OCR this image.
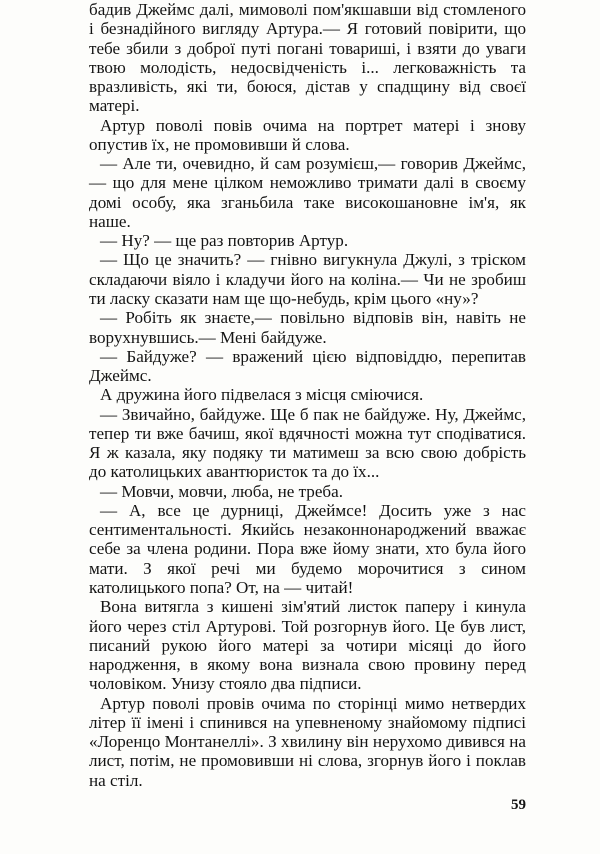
бадив Джеймс далі, мимоволі пом'якшавши від стомленого і безнадійного вигляду Артура.— Я готовий повірити, що тебе збили з доброї путі погані товариші, і взяти до уваги твою молодість, недосвідченість і... легковажність та вразливість, які ти, боюся, дістав у спадщину від своєї матері.

Артур поволі повів очима на портрет матері і знову опустив їх, не промовивши й слова.

— Але ти, очевидно, й сам розумієш,— говорив Джеймс,— що для мене цілком неможливо тримати далі в своєму домі особу, яка зганьбила таке високошановне ім'я, як наше.

— Ну? — ще раз повторив Артур.

— Що це значить? — гнівно вигукнула Джулі, з тріском складаючи віяло і кладучи його на коліна.— Чи не зробиш ти ласку сказати нам ще що-небудь, крім цього «ну»?

— Робіть як знаєте,— повільно відповів він, навіть не ворухнувшись.— Мені байдуже.

— Байдуже? — вражений цією відповіддю, перепитав Джеймс.

А дружина його підвелася з місця сміючися.

— Звичайно, байдуже. Ще б пак не байдуже. Ну, Джеймс, тепер ти вже бачиш, якої вдячності можна тут сподіватися. Я ж казала, яку подяку ти матимеш за всю свою добрість до католицьких авантюристок та до їх...

— Мовчи, мовчи, люба, не треба.

— А, все це дурниці, Джеймсе! Досить уже з нас сентиментальності. Якийсь незаконнонароджений вважає себе за члена родини. Пора вже йому знати, хто була його мати. З якої речі ми будемо морочитися з сином католицького попа? От, на — читай!

Вона витягла з кишені зім'ятий листок паперу і кинула його через стіл Артурові. Той розгорнув його. Це був лист, писаний рукою його матері за чотири місяці до його народження, в якому вона визнала свою провину перед чоловіком. Унизу стояло два підписи.

Артур поволі провів очима по сторінці мимо нетвердих літер її імені і спинився на упевненому знайомому підписі «Лоренцо Монтанеллі». З хвилину він нерухомо дивився на лист, потім, не промовивши ні слова, згорнув його і поклав на стіл.

59
